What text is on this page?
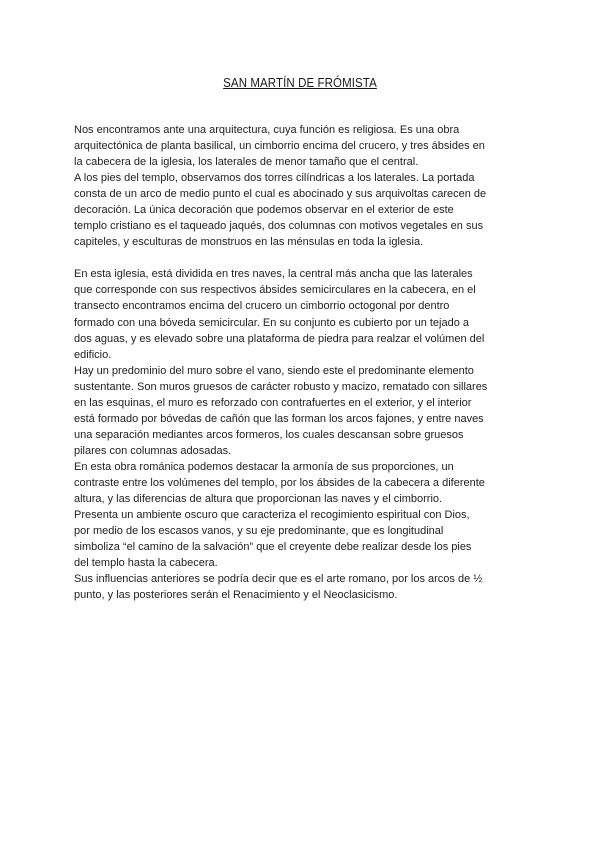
SAN MARTÍN DE FRÓMISTA

Nos encontramos ante una arquitectura, cuya función es religiosa. Es una obra
arquitectónica de planta basilical, un cimborrio encima del crucero, y tres ábsides en
la cabecera de la iglesia, los laterales de menor tamaño que el central.
A los pies del templo, observamos dos torres cilíndricas a los laterales. La portada
consta de un arco de medio punto el cual es abocinado y sus arquivoltas carecen de
decoración. La única decoración que podemos observar en el exterior de este
templo cristiano es el taqueado jaqués, dos columnas con motivos vegetales en sus
capiteles, y esculturas de monstruos en las ménsulas en toda la iglesia.

En esta iglesia, está dividida en tres naves, la central más ancha que las laterales
que corresponde con sus respectivos ábsides semicirculares en la cabecera, en el
transecto encontramos encima del crucero un cimborrio octogonal por dentro
formado con una bóveda semicircular. En su conjunto es cubierto por un tejado a
dos aguas, y es elevado sobre una plataforma de piedra para realzar el volúmen del
edificio.
Hay un predominio del muro sobre el vano, siendo este el predominante elemento
sustentante. Son muros gruesos de carácter robusto y macizo, rematado con sillares
en las esquinas, el muro es reforzado con contrafuertes en el exterior, y el interior
está formado por bóvedas de cañón que las forman los arcos fajones, y entre naves
una separación mediantes arcos formeros, los cuales descansan sobre gruesos
pilares con columnas adosadas.
En esta obra románica podemos destacar la armonía de sus proporciones, un
contraste entre los volúmenes del templo, por los ábsides de la cabecera a diferente
altura, y las diferencias de altura que proporcionan las naves y el cimborrio.
Presenta un ambiente oscuro que caracteriza el recogimiento espiritual con Dios,
por medio de los escasos vanos, y su eje predominante, que es longitudinal
simboliza “el camino de la salvación” que el creyente debe realizar desde los pies
del templo hasta la cabecera.
Sus influencias anteriores se podría decir que es el arte romano, por los arcos de ½
punto, y las posteriores serán el Renacimiento y el Neoclasicismo.
